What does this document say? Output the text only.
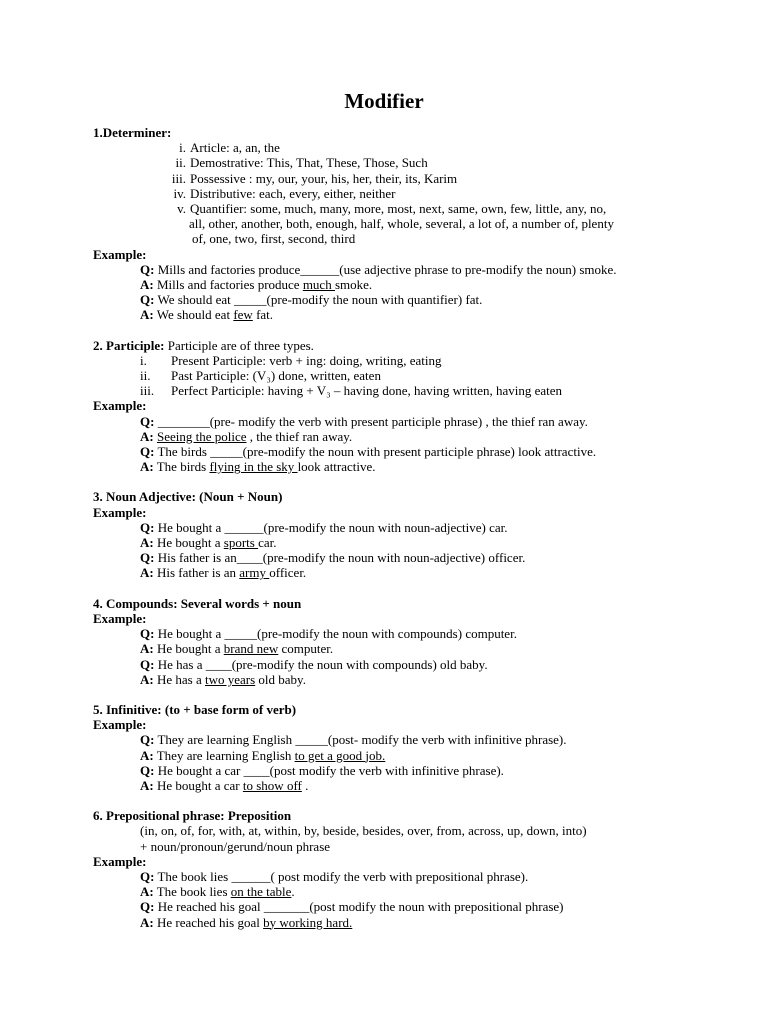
Modifier
1.Determiner:
i. Article: a, an, the
ii. Demostrative: This, That, These, Those, Such
iii. Possessive : my, our, your, his, her, their, its, Karim
iv. Distributive: each, every, either, neither
v. Quantifier: some, much, many, more, most, next, same, own, few, little, any, no,
all, other, another, both, enough, half, whole, several, a lot of, a number of, plenty
of, one, two, first, second, third
Example:
Q: Mills and factories produce______(use adjective phrase to pre-modify the noun) smoke.
A: Mills and factories produce much smoke.
Q: We should eat _____(pre-modify the noun with quantifier) fat.
A: We should eat few fat.
2. Participle: Participle are of three types.
i.	Present Participle: verb + ing: doing, writing, eating
ii.	Past Participle: (V₃) done, written, eaten
iii.	Perfect Participle: having + V₃ – having done, having written, having eaten
Example:
Q: ________(pre- modify the verb with present participle phrase) , the thief ran away.
A: Seeing the police , the thief ran away.
Q: The birds _____(pre-modify the noun with present participle phrase) look attractive.
A: The birds flying in the sky look attractive.
3. Noun Adjective: (Noun + Noun)
Example:
Q: He bought a ______(pre-modify the noun with noun-adjective) car.
A: He bought a sports car.
Q: His father is an____(pre-modify the noun with noun-adjective) officer.
A: His father is an army officer.
4. Compounds: Several words + noun
Example:
Q: He bought a _____(pre-modify the noun with compounds) computer.
A: He bought a brand new computer.
Q: He has a ____(pre-modify the noun with compounds) old baby.
A: He has a two years old baby.
5. Infinitive: (to + base form of verb)
Example:
Q: They are learning English _____(post- modify the verb with infinitive phrase).
A: They are learning English to get a good job.
Q: He bought a car ____(post modify the verb with infinitive phrase).
A: He bought a car to show off .
6. Prepositional phrase: Preposition
(in, on, of, for, with, at, within, by, beside, besides, over, from, across, up, down, into)
+ noun/pronoun/gerund/noun phrase
Example:
Q: The book lies ______( post modify the verb with prepositional phrase).
A: The book lies on the table.
Q: He reached his goal _______(post modify the noun with prepositional phrase)
A: He reached his goal by working hard.
